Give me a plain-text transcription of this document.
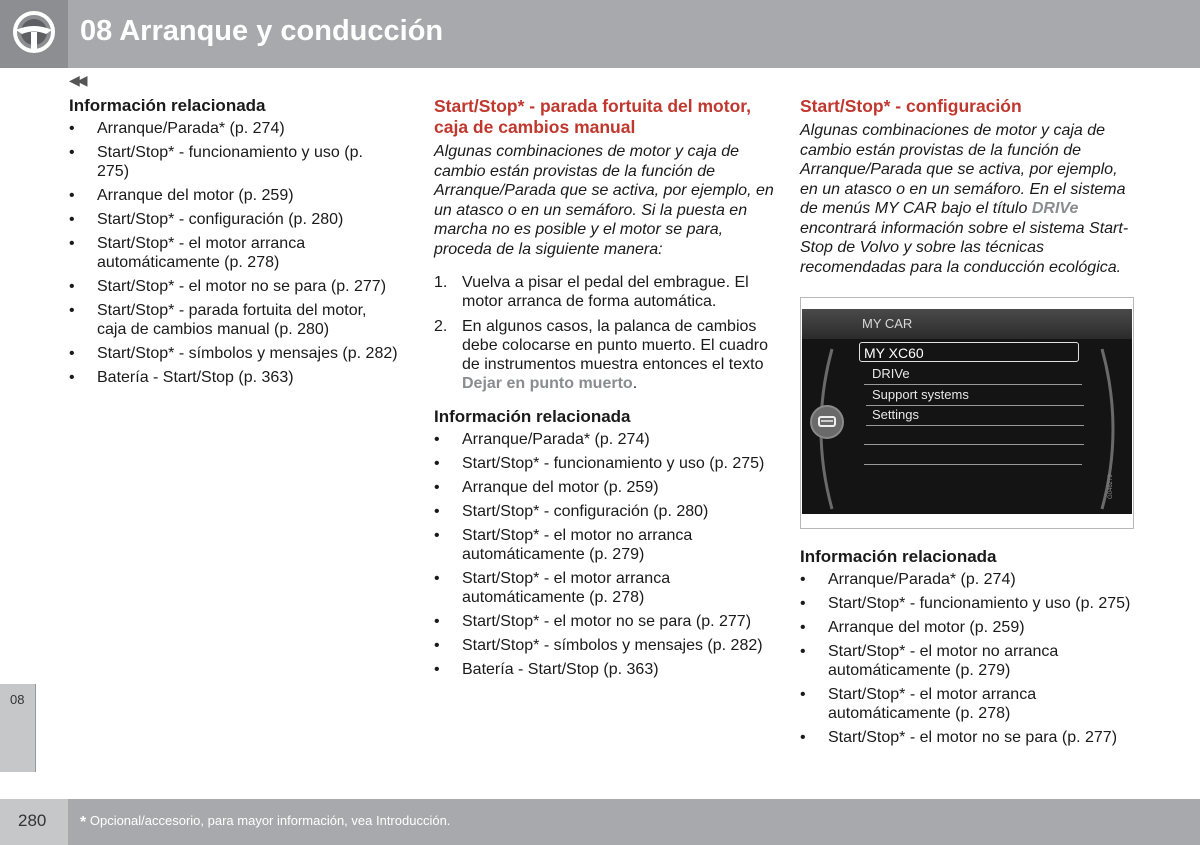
08 Arranque y conducción
◀◀
Información relacionada
• Arranque/Parada* (p. 274)
• Start/Stop* - funcionamiento y uso (p. 275)
• Arranque del motor (p. 259)
• Start/Stop* - configuración (p. 280)
• Start/Stop* - el motor arranca automáticamente (p. 278)
• Start/Stop* - el motor no se para (p. 277)
• Start/Stop* - parada fortuita del motor, caja de cambios manual (p. 280)
• Start/Stop* - símbolos y mensajes (p. 282)
• Batería - Start/Stop (p. 363)
Start/Stop* - parada fortuita del motor, caja de cambios manual

Algunas combinaciones de motor y caja de cambio están provistas de la función de Arranque/Parada que se activa, por ejemplo, en un atasco o en un semáforo. Si la puesta en marcha no es posible y el motor se para, proceda de la siguiente manera:

1. Vuelva a pisar el pedal del embrague. El motor arranca de forma automática.
2. En algunos casos, la palanca de cambios debe colocarse en punto muerto. El cuadro de instrumentos muestra entonces el texto Dejar en punto muerto.
Información relacionada
• Arranque/Parada* (p. 274)
• Start/Stop* - funcionamiento y uso (p. 275)
• Arranque del motor (p. 259)
• Start/Stop* - configuración (p. 280)
• Start/Stop* - el motor no arranca automáticamente (p. 279)
• Start/Stop* - el motor arranca automáticamente (p. 278)
• Start/Stop* - el motor no se para (p. 277)
• Start/Stop* - símbolos y mensajes (p. 282)
• Batería - Start/Stop (p. 363)
Start/Stop* - configuración

Algunas combinaciones de motor y caja de cambio están provistas de la función de Arranque/Parada que se activa, por ejemplo, en un atasco o en un semáforo. En el sistema de menús MY CAR bajo el título DRIVe encontrará información sobre el sistema Start-Stop de Volvo y sobre las técnicas recomendadas para la conducción ecológica.

MY CAR
MY XC60
DRIVe
Support systems
Settings
G046279
Información relacionada
• Arranque/Parada* (p. 274)
• Start/Stop* - funcionamiento y uso (p. 275)
• Arranque del motor (p. 259)
• Start/Stop* - el motor no arranca automáticamente (p. 279)
• Start/Stop* - el motor arranca automáticamente (p. 278)
• Start/Stop* - el motor no se para (p. 277)
08
280 * Opcional/accesorio, para mayor información, vea Introducción.
